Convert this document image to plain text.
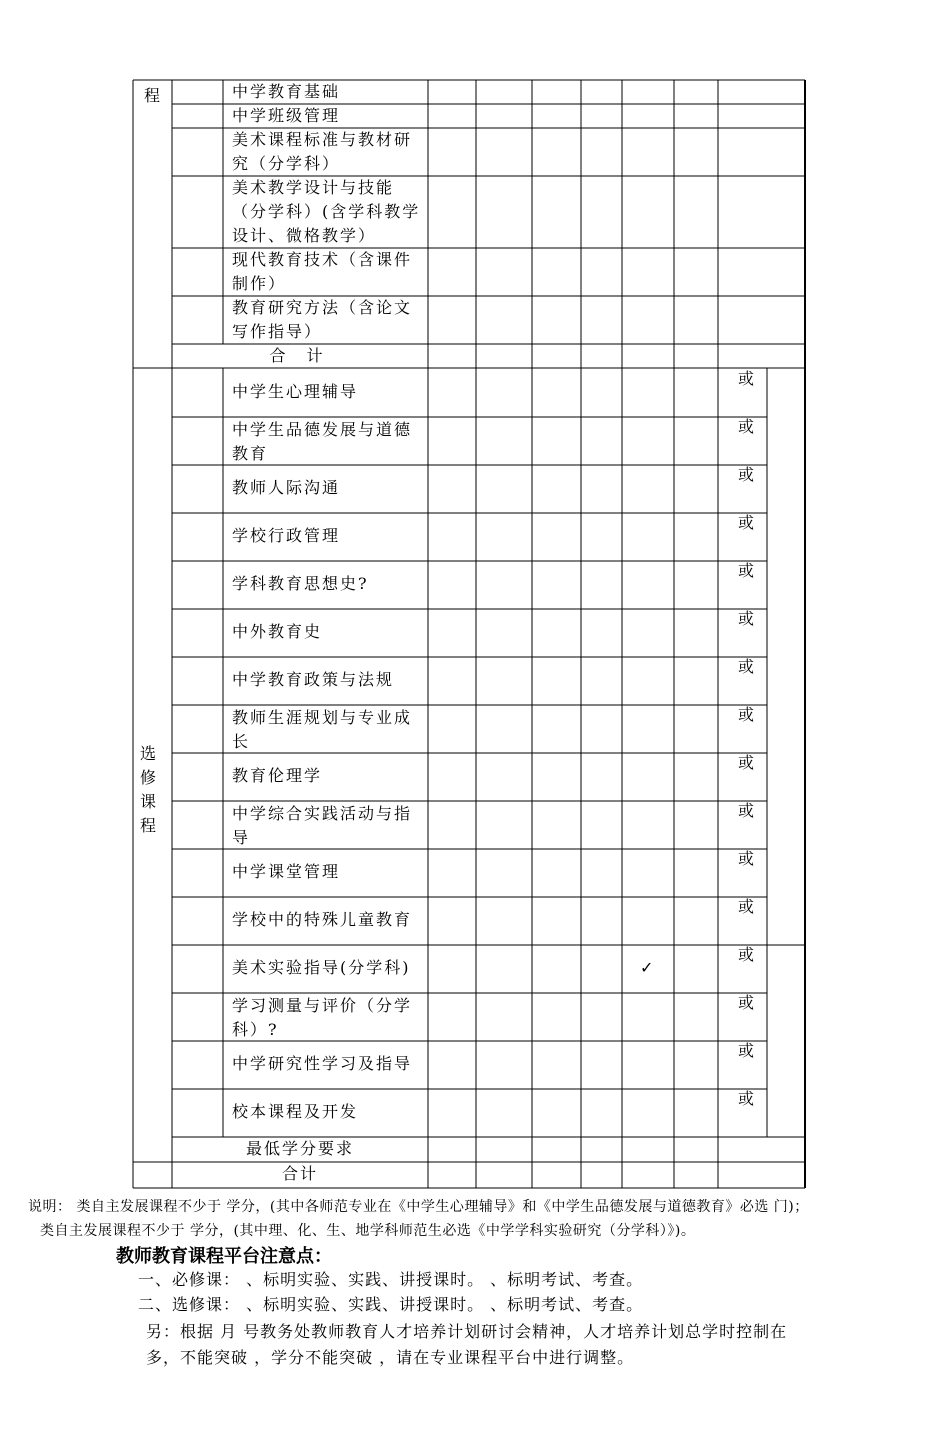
程	中学教育基础
中学班级管理
美术课程标准与教材研
究（分学科）
美术教学设计与技能
（分学科）(含学科教学
设计、微格教学）
现代教育技术（含课件
制作）
教育研究方法（含论文
写作指导）
合 计
选
修
课
程
中学生心理辅导
或
中学生品德发展与道德
教育
或
教师人际沟通
或
学校行政管理
或
学科教育思想史?
或
中外教育史
或
中学教育政策与法规
或
教师生涯规划与专业成
长
或
教育伦理学
或
中学综合实践活动与指
导
或
中学课堂管理
或
学校中的特殊儿童教育
或
美术实验指导(分学科)
或
学习测量与评价（分学
科）?
或
中学研究性学习及指导
或
校本课程及开发
或
✓
最低学分要求
合计
说明： 类自主发展课程不少于 学分，(其中各师范专业在《中学生心理辅导》和《中学生品德发展与道德教育》必选 门)；
类自主发展课程不少于 学分，(其中理、化、生、地学科师范生必选《中学学科实验研究（分学科）》)。
教师教育课程平台注意点：
一、必修课： 、标明实验、实践、讲授课时。 、标明考试、考查。
二、选修课： 、标明实验、实践、讲授课时。 、标明考试、考查。
另：根据 月 号教务处教师教育人才培养计划研讨会精神，人才培养计划总学时控制在
多，不能突破 ，学分不能突破 ，请在专业课程平台中进行调整。
